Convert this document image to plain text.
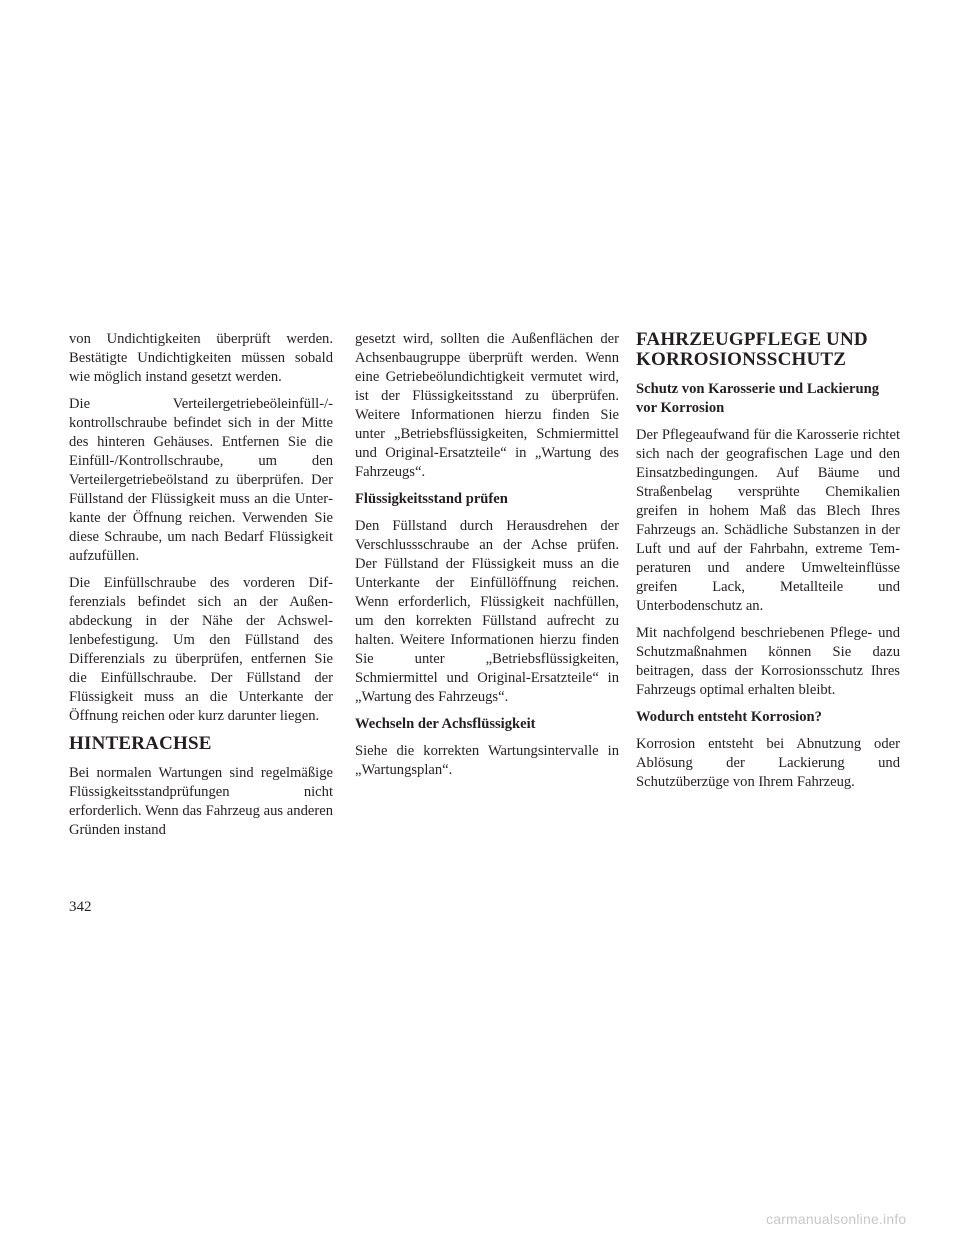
von Undichtigkeiten überprüft werden. Bestätigte Undichtigkeiten müssen sobald wie möglich instand gesetzt werden.

Die Verteilergetriebeöleinfüll-/-kontrollschraube befindet sich in der Mitte des hinteren Gehäuses. Entfernen Sie die Einfüll-/Kontrollschraube, um den Verteilergetriebeölstand zu überprüfen. Der Füllstand der Flüssigkeit muss an die Unterkante der Öffnung reichen. Verwenden Sie diese Schraube, um nach Bedarf Flüssigkeit aufzufüllen.

Die Einfüllschraube des vorderen Differenzials befindet sich an der Außenabdeckung in der Nähe der Achswellenbefestigung. Um den Füllstand des Differenzials zu überprüfen, entfernen Sie die Einfüllschraube. Der Füllstand der Flüssigkeit muss an die Unterkante der Öffnung reichen oder kurz darunter liegen.

HINTERACHSE

Bei normalen Wartungen sind regelmäßige Flüssigkeitsstandprüfungen nicht erforderlich. Wenn das Fahrzeug aus anderen Gründen instand

gesetzt wird, sollten die Außenflächen der Achsenbaugruppe überprüft werden. Wenn eine Getriebeölundichtigkeit vermutet wird, ist der Flüssigkeitsstand zu überprüfen. Weitere Informationen hierzu finden Sie unter „Betriebsflüssigkeiten, Schmiermittel und Original-Ersatzteile“ in „Wartung des Fahrzeugs“.

Flüssigkeitsstand prüfen

Den Füllstand durch Herausdrehen der Verschlussschraube an der Achse prüfen. Der Füllstand der Flüssigkeit muss an die Unterkante der Einfüllöffnung reichen. Wenn erforderlich, Flüssigkeit nachfüllen, um den korrekten Füllstand aufrecht zu halten. Weitere Informationen hierzu finden Sie unter „Betriebsflüssigkeiten, Schmiermittel und Original-Ersatzteile“ in „Wartung des Fahrzeugs“.

Wechseln der Achsflüssigkeit

Siehe die korrekten Wartungsintervalle in „Wartungsplan“.

FAHRZEUGPFLEGE UND KORROSIONSSCHUTZ
Schutz von Karosserie und Lackierung vor Korrosion

Der Pflegeaufwand für die Karosserie richtet sich nach der geografischen Lage und den Einsatzbedingungen. Auf Bäume und Straßenbelag versprühte Chemikalien greifen in hohem Maß das Blech Ihres Fahrzeugs an. Schädliche Substanzen in der Luft und auf der Fahrbahn, extreme Temperaturen und andere Umwelteinflüsse greifen Lack, Metallteile und Unterbodenschutz an.

Mit nachfolgend beschriebenen Pflege- und Schutzmaßnahmen können Sie dazu beitragen, dass der Korrosionsschutz Ihres Fahrzeugs optimal erhalten bleibt.

Wodurch entsteht Korrosion?

Korrosion entsteht bei Abnutzung oder Ablösung der Lackierung und Schutzüberzüge von Ihrem Fahrzeug.

342
carmanualsonline.info
